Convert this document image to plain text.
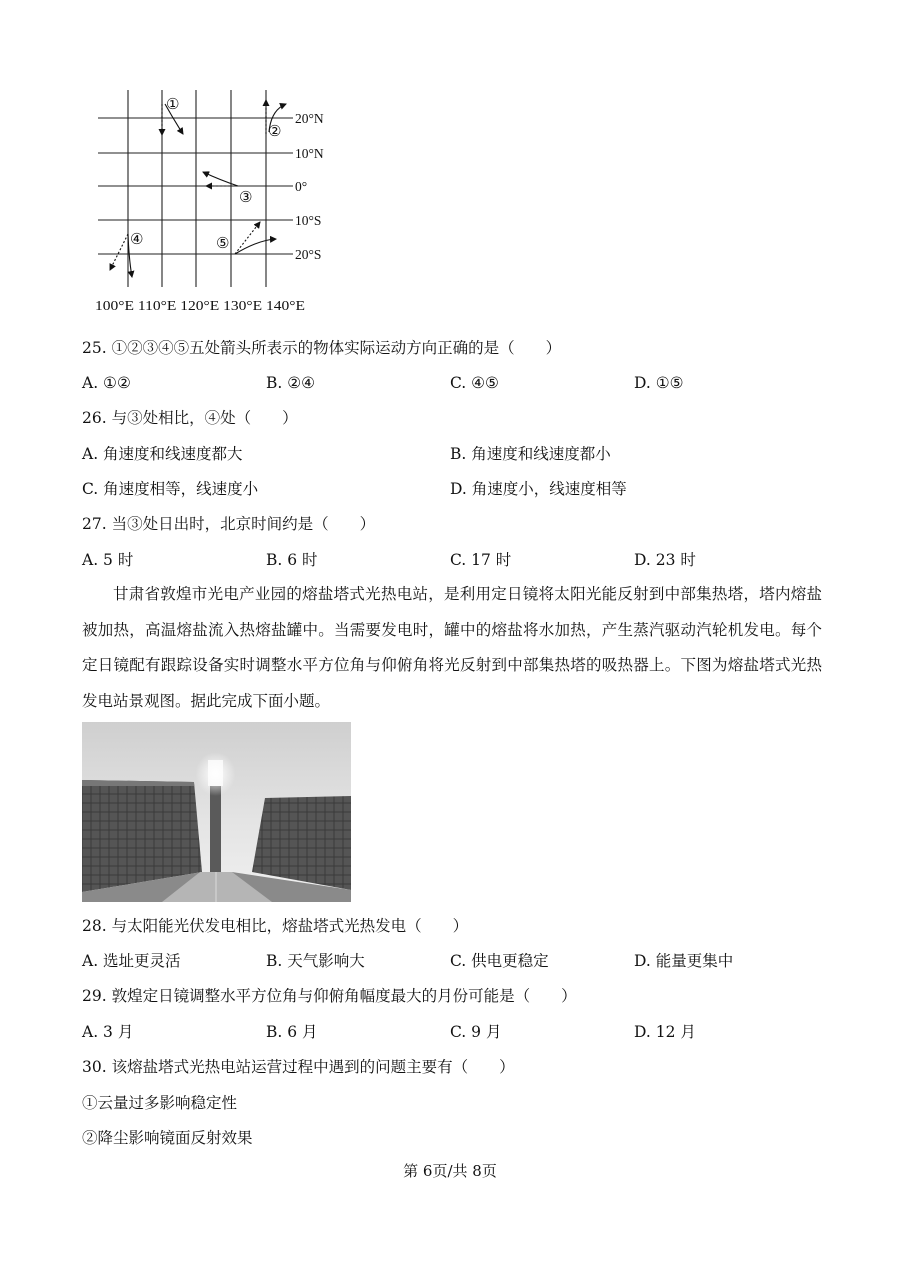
①
②
③
④	⑤
20°N
10°N
0°
10°S
20°S
100°E 110°E 120°E 130°E 140°E
25. ①②③④⑤五处箭头所表示的物体实际运动方向正确的是（　　）
A. ①②	B. ②④	C. ④⑤	D. ①⑤
26. 与③处相比，④处（　　）
A. 角速度和线速度都大	B. 角速度和线速度都小
C. 角速度相等，线速度小	D. 角速度小，线速度相等
27. 当③处日出时，北京时间约是（　　）
A. 5 时	B. 6 时	C. 17 时	D. 23 时
甘肃省敦煌市光电产业园的熔盐塔式光热电站，是利用定日镜将太阳光能反射到中部集热塔，塔内熔盐被加热，高温熔盐流入热熔盐罐中。当需要发电时，罐中的熔盐将水加热，产生蒸汽驱动汽轮机发电。每个定日镜配有跟踪设备实时调整水平方位角与仰俯角将光反射到中部集热塔的吸热器上。下图为熔盐塔式光热发电站景观图。据此完成下面小题。
28. 与太阳能光伏发电相比，熔盐塔式光热发电（　　）
A. 选址更灵活	B. 天气影响大	C. 供电更稳定	D. 能量更集中
29. 敦煌定日镜调整水平方位角与仰俯角幅度最大的月份可能是（　　）
A. 3 月	B. 6 月	C. 9 月	D. 12 月
30. 该熔盐塔式光热电站运营过程中遇到的问题主要有（　　）
①云量过多影响稳定性
②降尘影响镜面反射效果
第 6页/共 8页
